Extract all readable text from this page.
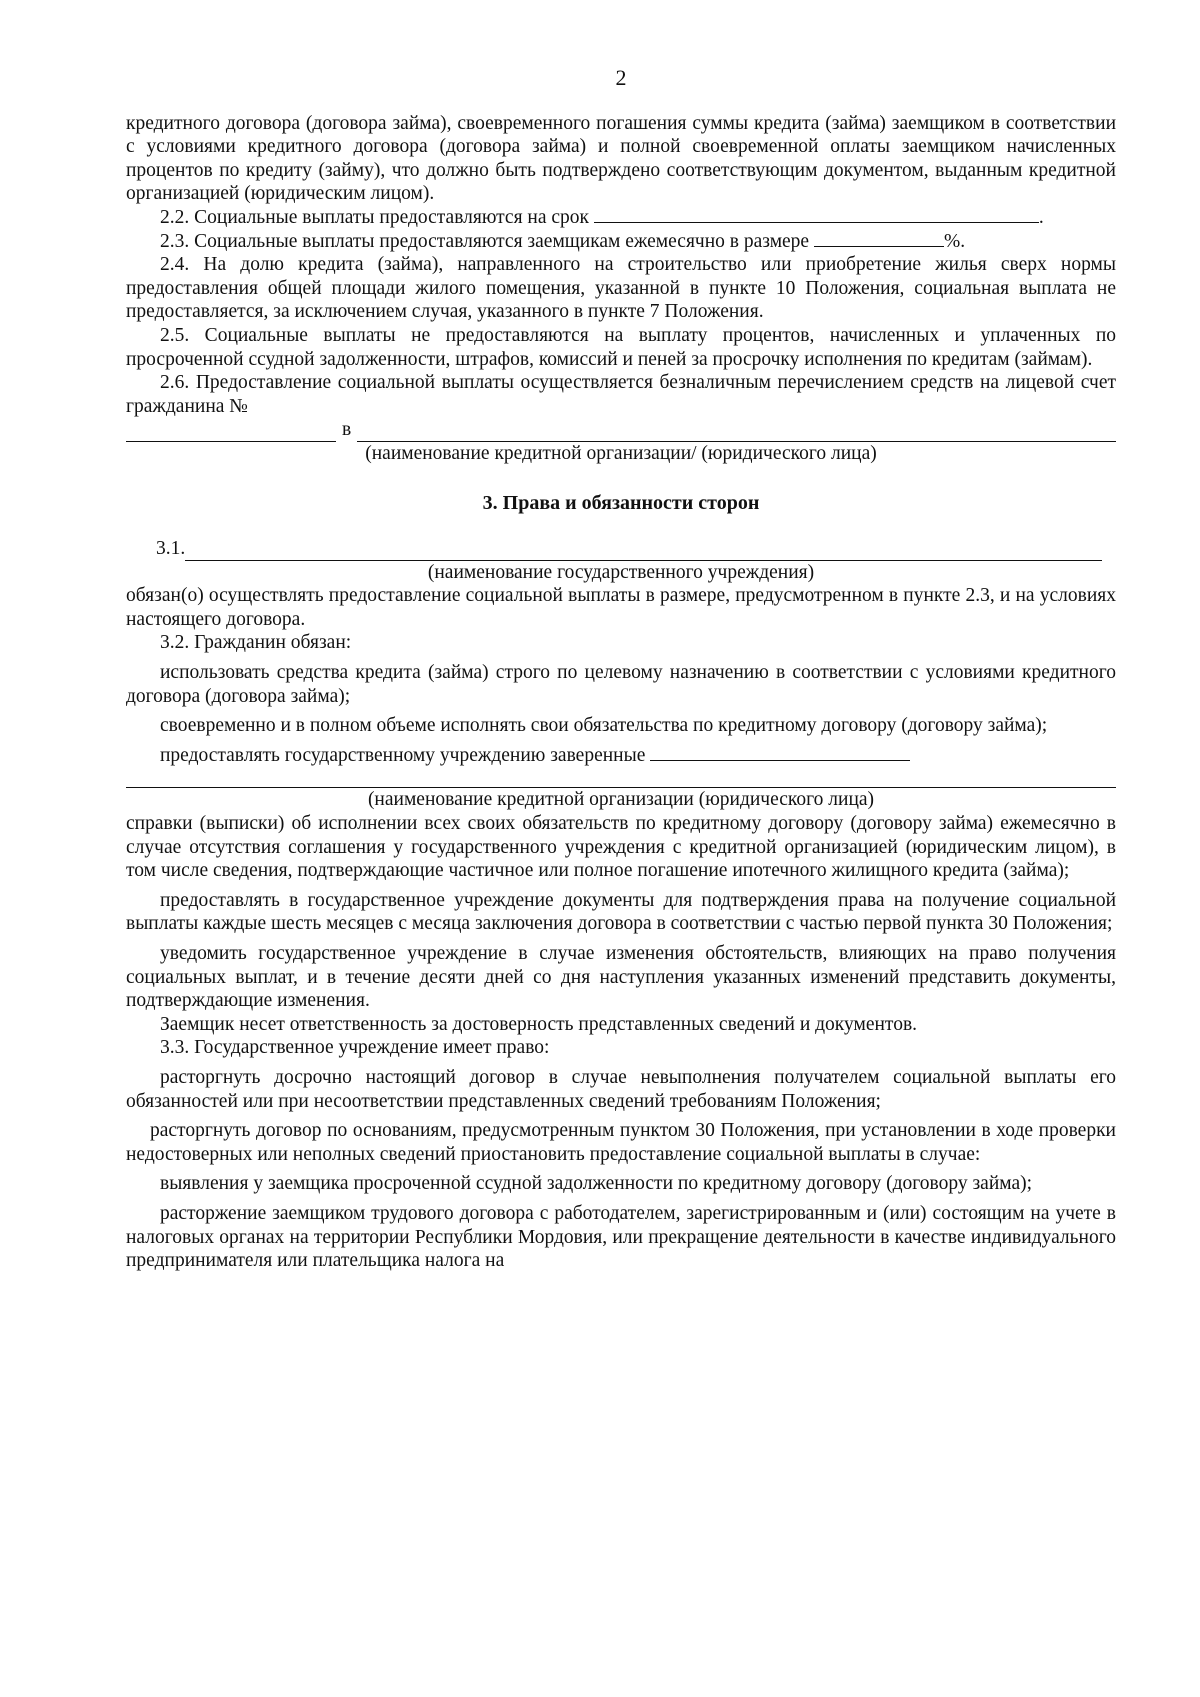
2

кредитного договора (договора займа), своевременного погашения суммы кредита (займа) заемщиком в соответствии с условиями кредитного договора (договора займа) и полной своевременной оплаты заемщиком начисленных процентов по кредиту (займу), что должно быть подтверждено соответствующим документом, выданным кредитной организацией (юридическим лицом).

2.2. Социальные выплаты предоставляются на срок	.

2.3. Социальные выплаты предоставляются заемщикам ежемесячно в размере	%.

2.4. На долю кредита (займа), направленного на строительство или приобретение жилья сверх нормы предоставления общей площади жилого помещения, указанной в пункте 10 Положения, социальная выплата не предоставляется, за исключением случая, указанного в пункте 7 Положения.

2.5. Социальные выплаты не предоставляются на выплату процентов, начисленных и уплаченных по просроченной ссудной задолженности, штрафов, комиссий и пеней за просрочку исполнения по кредитам (займам).

2.6. Предоставление социальной выплаты осуществляется безналичным перечислением средств на лицевой счет гражданина №

в
(наименование кредитной организации/ (юридического лица)
3. Права и обязанности сторон
3.1.
(наименование государственного учреждения)

обязан(о) осуществлять предоставление социальной выплаты в размере, предусмотренном в пункте 2.3, и на условиях настоящего договора.

3.2. Гражданин обязан:

использовать средства кредита (займа) строго по целевому назначению в соответствии с условиями кредитного договора (договора займа);

своевременно и в полном объеме исполнять свои обязательства по кредитному договору (договору займа);

предоставлять государственному учреждению заверенные

(наименование кредитной организации (юридического лица)

справки (выписки) об исполнении всех своих обязательств по кредитному договору (договору займа) ежемесячно в случае отсутствия соглашения у государственного учреждения с кредитной организацией (юридическим лицом), в том числе сведения, подтверждающие частичное или полное погашение ипотечного жилищного кредита (займа);

предоставлять в государственное учреждение документы для подтверждения права на получение социальной выплаты каждые шесть месяцев с месяца заключения договора в соответствии с частью первой пункта 30 Положения;

уведомить государственное учреждение в случае изменения обстоятельств, влияющих на право получения социальных выплат, и в течение десяти дней со дня наступления указанных изменений представить документы, подтверждающие изменения.

Заемщик несет ответственность за достоверность представленных сведений и документов.

3.3. Государственное учреждение имеет право:

расторгнуть досрочно настоящий договор в случае невыполнения получателем социальной выплаты его обязанностей или при несоответствии представленных сведений требованиям Положения;

расторгнуть договор по основаниям, предусмотренным пунктом 30 Положения, при установлении в ходе проверки недостоверных или неполных сведений приостановить предоставление социальной выплаты в случае:

выявления у заемщика просроченной ссудной задолженности по кредитному договору (договору займа);

расторжение заемщиком трудового договора с работодателем, зарегистрированным и (или) состоящим на учете в налоговых органах на территории Республики Мордовия, или прекращение деятельности в качестве индивидуального предпринимателя или плательщика налога на
